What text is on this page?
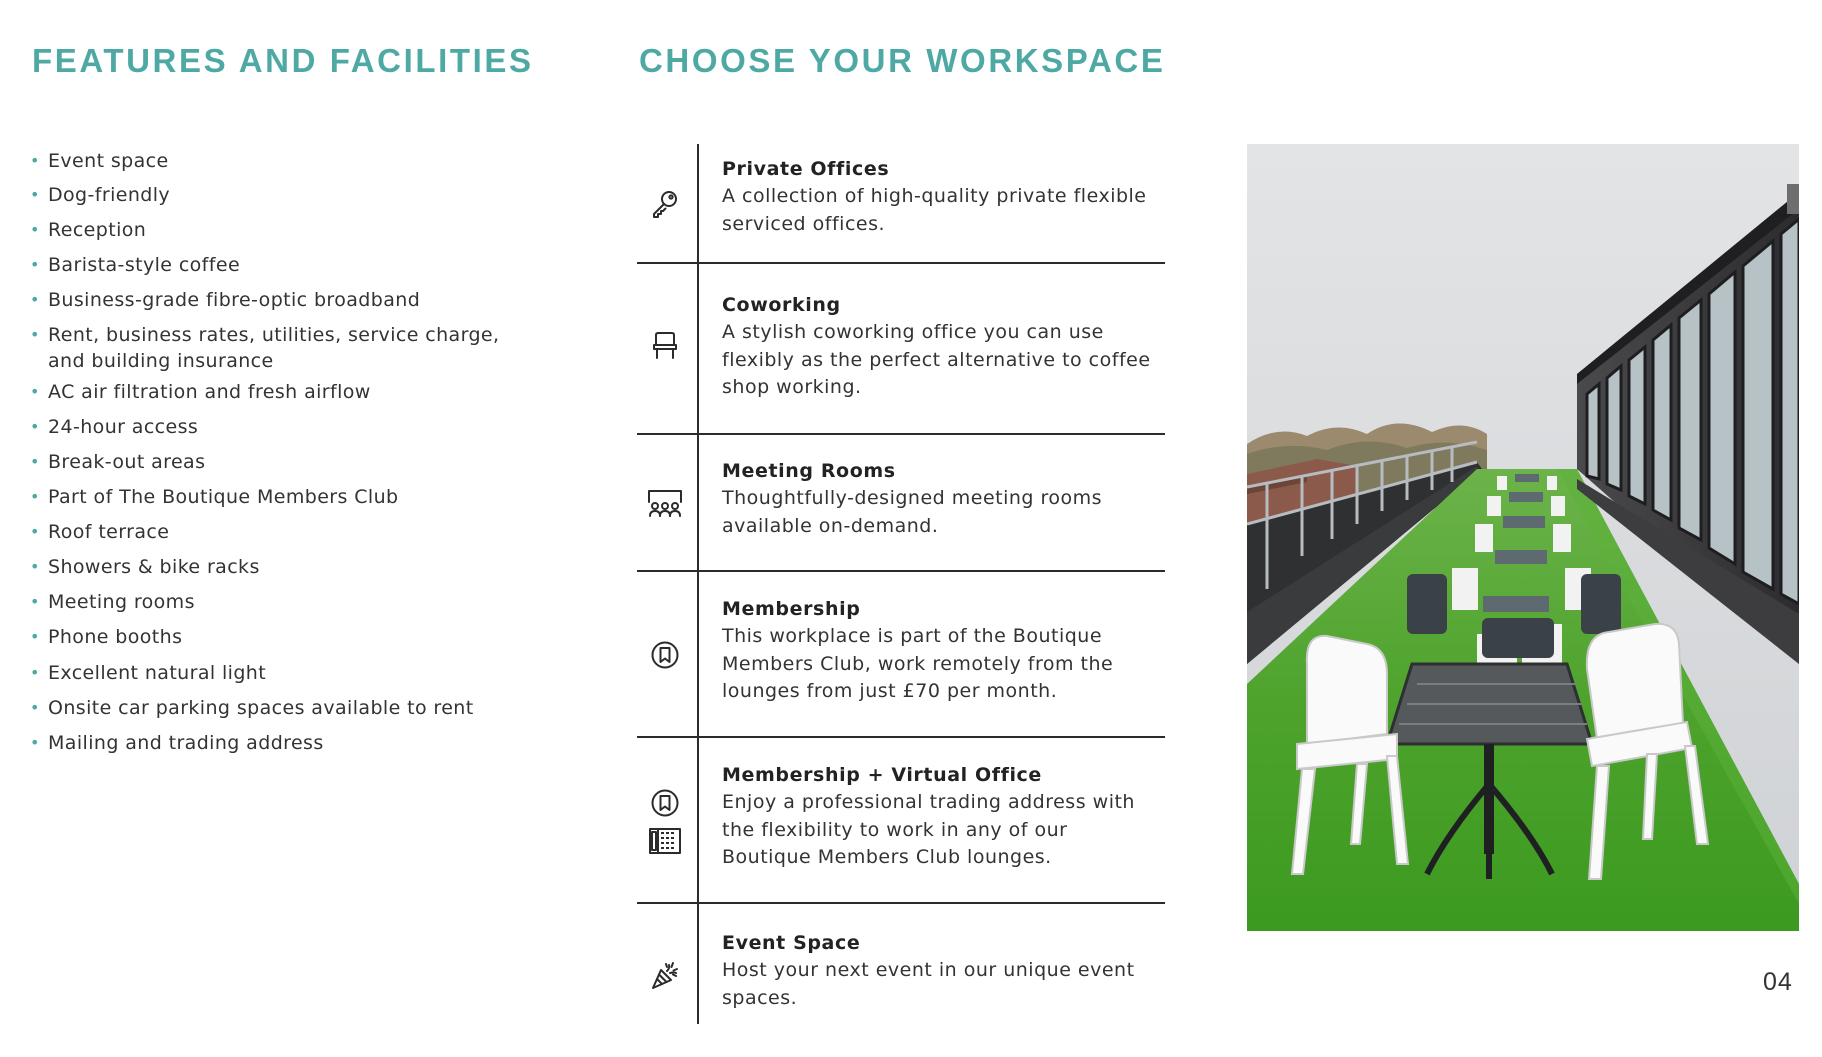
FEATURES AND FACILITIES	CHOOSE YOUR WORKSPACE
• Event space
• Dog-friendly
• Reception
• Barista-style coffee
• Business-grade fibre-optic broadband
• Rent, business rates, utilities, service charge, and building insurance
• AC air filtration and fresh airflow
• 24-hour access
• Break-out areas
• Part of The Boutique Members Club
• Roof terrace
• Showers & bike racks
• Meeting rooms
• Phone booths
• Excellent natural light
• Onsite car parking spaces available to rent
• Mailing and trading address
Private Offices
A collection of high-quality private flexible serviced offices.
Coworking
A stylish coworking office you can use flexibly as the perfect alternative to coffee shop working.
Meeting Rooms
Thoughtfully-designed meeting rooms available on-demand.
Membership
This workplace is part of the Boutique Members Club, work remotely from the lounges from just £70 per month.
Membership + Virtual Office
Enjoy a professional trading address with the flexibility to work in any of our Boutique Members Club lounges.
Event Space
Host your next event in our unique event spaces.
04
